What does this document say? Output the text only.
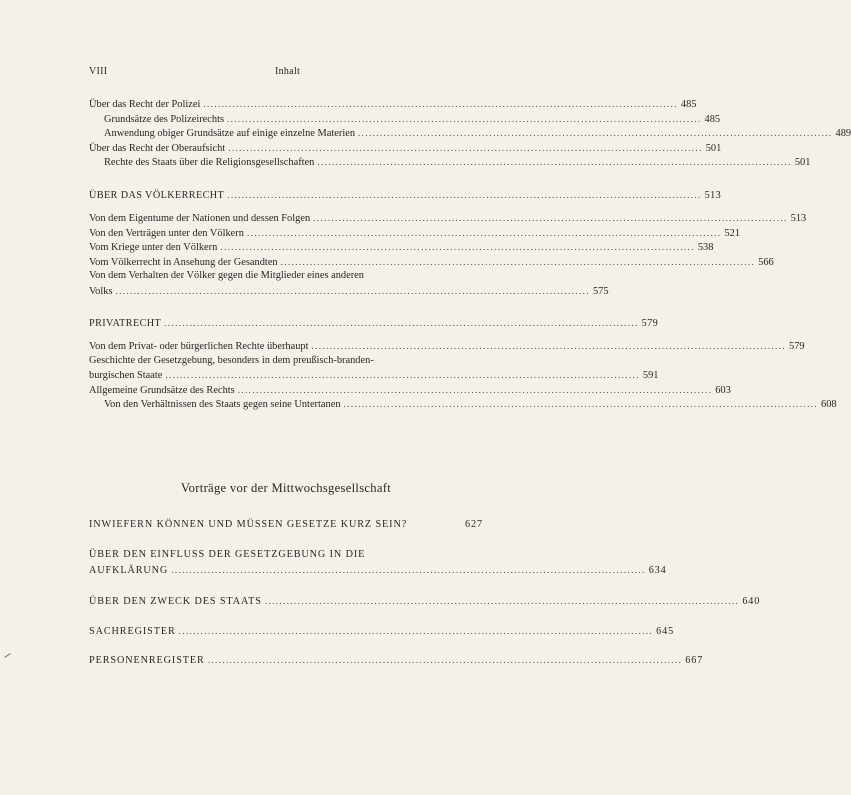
VIII	Inhalt
Über das Recht der Polizei .................................................................................................................................. 485
Grundsätze des Polizeirechts .................................................................................................................................. 485
Anwendung obiger Grundsätze auf einige einzelne Materien .................................................................................................................................. 489
Über das Recht der Oberaufsicht .................................................................................................................................. 501
Rechte des Staats über die Religionsgesellschaften .................................................................................................................................. 501
ÜBER DAS VÖLKERRECHT .................................................................................................................................. 513
Von dem Eigentume der Nationen und dessen Folgen .................................................................................................................................. 513
Von den Verträgen unter den Völkern .................................................................................................................................. 521
Vom Kriege unter den Völkern .................................................................................................................................. 538
Vom Völkerrecht in Ansehung der Gesandten .................................................................................................................................. 566
Von dem Verhalten der Völker gegen die Mitglieder eines anderen
Volks .................................................................................................................................. 575
PRIVATRECHT .................................................................................................................................. 579
Von dem Privat- oder bürgerlichen Rechte überhaupt .................................................................................................................................. 579
Geschichte der Gesetzgebung, besonders in dem preußisch-branden-
burgischen Staate .................................................................................................................................. 591
Allgemeine Grundsätze des Rechts .................................................................................................................................. 603
Von den Verhältnissen des Staats gegen seine Untertanen .................................................................................................................................. 608
Vorträge vor der Mittwochsgesellschaft
INWIEFERN KÖNNEN UND MÜSSEN GESETZE KURZ SEIN?	627
ÜBER DEN EINFLUSS DER GESETZGEBUNG IN DIE
AUFKLÄRUNG .................................................................................................................................. 634
ÜBER DEN ZWECK DES STAATS .................................................................................................................................. 640
SACHREGISTER .................................................................................................................................. 645
PERSONENREGISTER .................................................................................................................................. 667
